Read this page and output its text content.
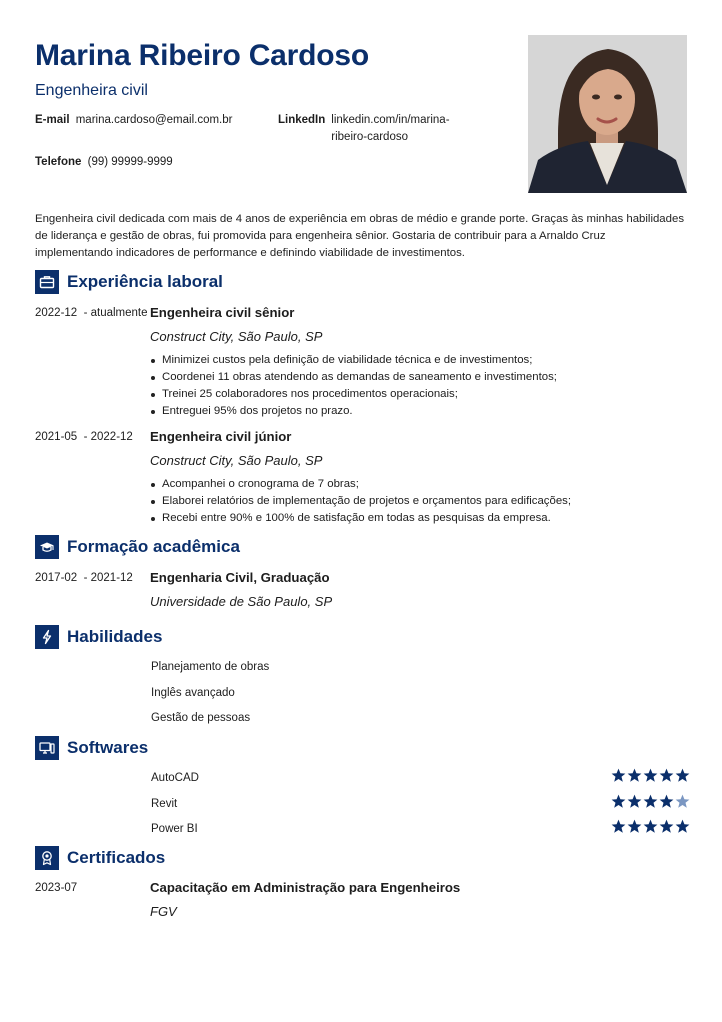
Marina Ribeiro Cardoso
Engenheira civil
E-mail marina.cardoso@email.com.br	LinkedIn linkedin.com/in/marina-ribeiro-cardoso
Telefone (99) 99999-9999
Engenheira civil dedicada com mais de 4 anos de experiência em obras de médio e grande porte. Graças às minhas habilidades de liderança e gestão de obras, fui promovida para engenheira sênior. Gostaria de contribuir para a Arnaldo Cruz implementando indicadores de performance e definindo viabilidade de investimentos.
Experiência laboral
2022-12  - atualmente Engenheira civil sênior
Construct City, São Paulo, SP
Minimizei custos pela definição de viabilidade técnica e de investimentos;
Coordenei 11 obras atendendo as demandas de saneamento e investimentos;
Treinei 25 colaboradores nos procedimentos operacionais;
Entreguei 95% dos projetos no prazo.
2021-05  - 2022-12 Engenheira civil júnior
Construct City, São Paulo, SP
Acompanhei o cronograma de 7 obras;
Elaborei relatórios de implementação de projetos e orçamentos para edificações;
Recebi entre 90% e 100% de satisfação em todas as pesquisas da empresa.
Formação acadêmica
2017-02  - 2021-12 Engenharia Civil, Graduação
Universidade de São Paulo, SP
Habilidades
Planejamento de obras
Inglês avançado
Gestão de pessoas
Softwares
AutoCAD
Revit
Power BI
Certificados
2023-07	Capacitação em Administração para Engenheiros
FGV
